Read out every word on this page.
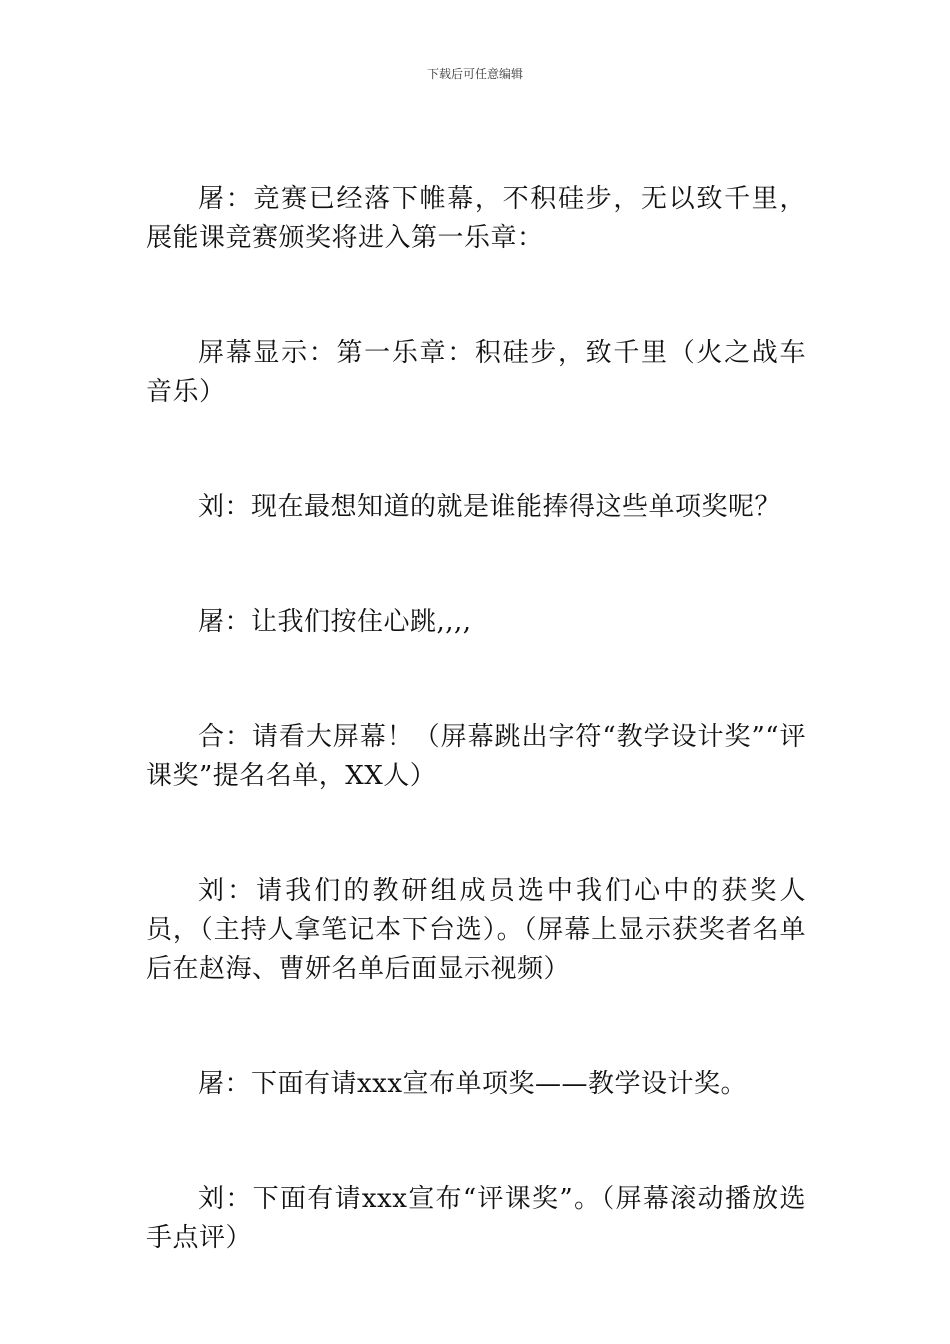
下载后可任意编辑

屠：竞赛已经落下帷幕，不积硅步，无以致千里，展能课竞赛颁奖将进入第一乐章：

屏幕显示：第一乐章：积硅步，致千里（火之战车音乐）

刘：现在最想知道的就是谁能捧得这些单项奖呢？

屠：让我们按住心跳,,,,

合：请看大屏幕！（屏幕跳出字符“教学设计奖”“评课奖”提名名单，XX人）

刘：请我们的教研组成员选中我们心中的获奖人员，（主持人拿笔记本下台选）。（屏幕上显示获奖者名单后在赵海、曹妍名单后面显示视频）

屠：下面有请xxx宣布单项奖——教学设计奖。

刘：下面有请xxx宣布“评课奖”。（屏幕滚动播放选手点评）
